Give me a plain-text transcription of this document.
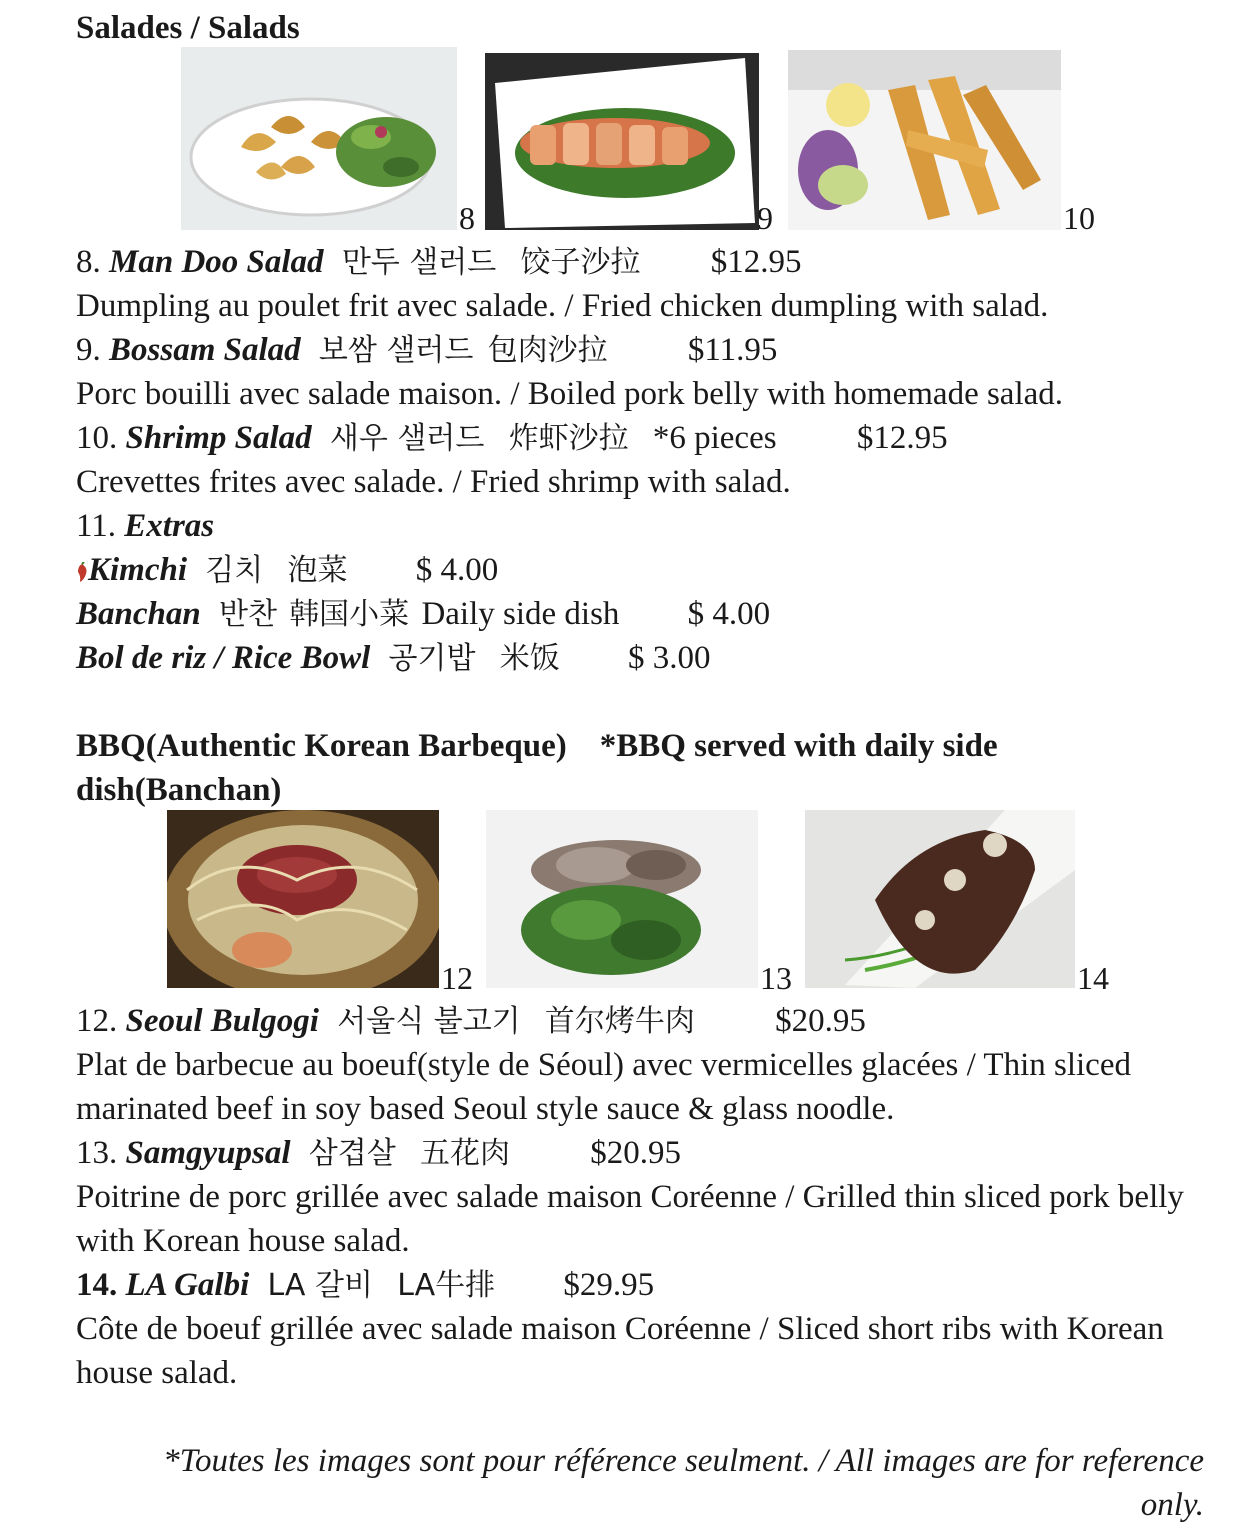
Salades / Salads
8	9	10
8. Man Doo Salad 만두 샐러드 饺子沙拉 $12.95
Dumpling au poulet frit avec salade. / Fried chicken dumpling with salad.
9. Bossam Salad 보쌈 샐러드 包肉沙拉 $11.95
Porc bouilli avec salade maison. / Boiled pork belly with homemade salad.
10. Shrimp Salad 새우 샐러드 炸虾沙拉 *6 pieces $12.95
Crevettes frites avec salade. / Fried shrimp with salad.
11. Extras
Kimchi 김치 泡菜 $ 4.00
Banchan 반찬 韩国小菜 Daily side dish $ 4.00
Bol de riz / Rice Bowl 공기밥 米饭 $ 3.00
BBQ(Authentic Korean Barbeque)    *BBQ served with daily side dish(Banchan)
12	13	14
12. Seoul Bulgogi 서울식 불고기 首尔烤牛肉 $20.95
Plat de barbecue au boeuf(style de Séoul) avec vermicelles glacées / Thin sliced marinated beef in soy based Seoul style sauce & glass noodle.
13. Samgyupsal 삼겹살 五花肉 $20.95
Poitrine de porc grillée avec salade maison Coréenne / Grilled thin sliced pork belly with Korean house salad.
14. LA Galbi LA 갈비 LA牛排 $29.95
Côte de boeuf grillée avec salade maison Coréenne / Sliced short ribs with Korean house salad.
*Toutes les images sont pour référence seulment. / All images are for reference only.
